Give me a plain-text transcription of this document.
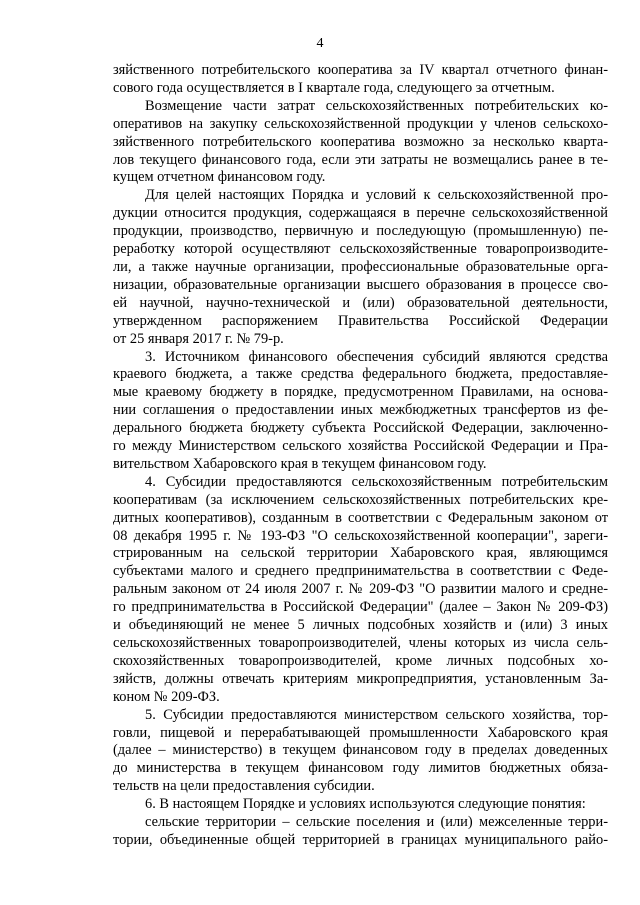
4
зяйственного потребительского кооператива за IV квартал отчетного финан-
сового года осуществляется в I квартале года, следующего за отчетным.
Возмещение части затрат сельскохозяйственных потребительских ко-
оперативов на закупку сельскохозяйственной продукции у членов сельскохо-
зяйственного потребительского кооператива возможно за несколько кварта-
лов текущего финансового года, если эти затраты не возмещались ранее в те-
кущем отчетном финансовом году.
Для целей настоящих Порядка и условий к сельскохозяйственной про-
дукции относится продукция, содержащаяся в перечне сельскохозяйственной
продукции, производство, первичную и последующую (промышленную) пе-
реработку которой осуществляют сельскохозяйственные товаропроизводите-
ли, а также научные организации, профессиональные образовательные орга-
низации, образовательные организации высшего образования в процессе сво-
ей научной, научно-технической и (или) образовательной деятельности,
утвержденном распоряжением Правительства Российской Федерации
от 25 января 2017 г. № 79-р.
3. Источником финансового обеспечения субсидий являются средства
краевого бюджета, а также средства федерального бюджета, предоставляе-
мые краевому бюджету в порядке, предусмотренном Правилами, на основа-
нии соглашения о предоставлении иных межбюджетных трансфертов из фе-
дерального бюджета бюджету субъекта Российской Федерации, заключенно-
го между Министерством сельского хозяйства Российской Федерации и Пра-
вительством Хабаровского края в текущем финансовом году.
4. Субсидии предоставляются сельскохозяйственным потребительским
кооперативам (за исключением сельскохозяйственных потребительских кре-
дитных кооперативов), созданным в соответствии с Федеральным законом от
08 декабря 1995 г. № 193-ФЗ "О сельскохозяйственной кооперации", зареги-
стрированным на сельской территории Хабаровского края, являющимся
субъектами малого и среднего предпринимательства в соответствии с Феде-
ральным законом от 24 июля 2007 г. № 209-ФЗ "О развитии малого и средне-
го предпринимательства в Российской Федерации" (далее – Закон № 209-ФЗ)
и объединяющий не менее 5 личных подсобных хозяйств и (или) 3 иных
сельскохозяйственных товаропроизводителей, члены которых из числа сель-
скохозяйственных товаропроизводителей, кроме личных подсобных хо-
зяйств, должны отвечать критериям микропредприятия, установленным За-
коном № 209-ФЗ.
5. Субсидии предоставляются министерством сельского хозяйства, тор-
говли, пищевой и перерабатывающей промышленности Хабаровского края
(далее – министерство) в текущем финансовом году в пределах доведенных
до министерства в текущем финансовом году лимитов бюджетных обяза-
тельств на цели предоставления субсидии.
6. В настоящем Порядке и условиях используются следующие понятия:
сельские территории – сельские поселения и (или) межселенные терри-
тории, объединенные общей территорией в границах муниципального райо-
